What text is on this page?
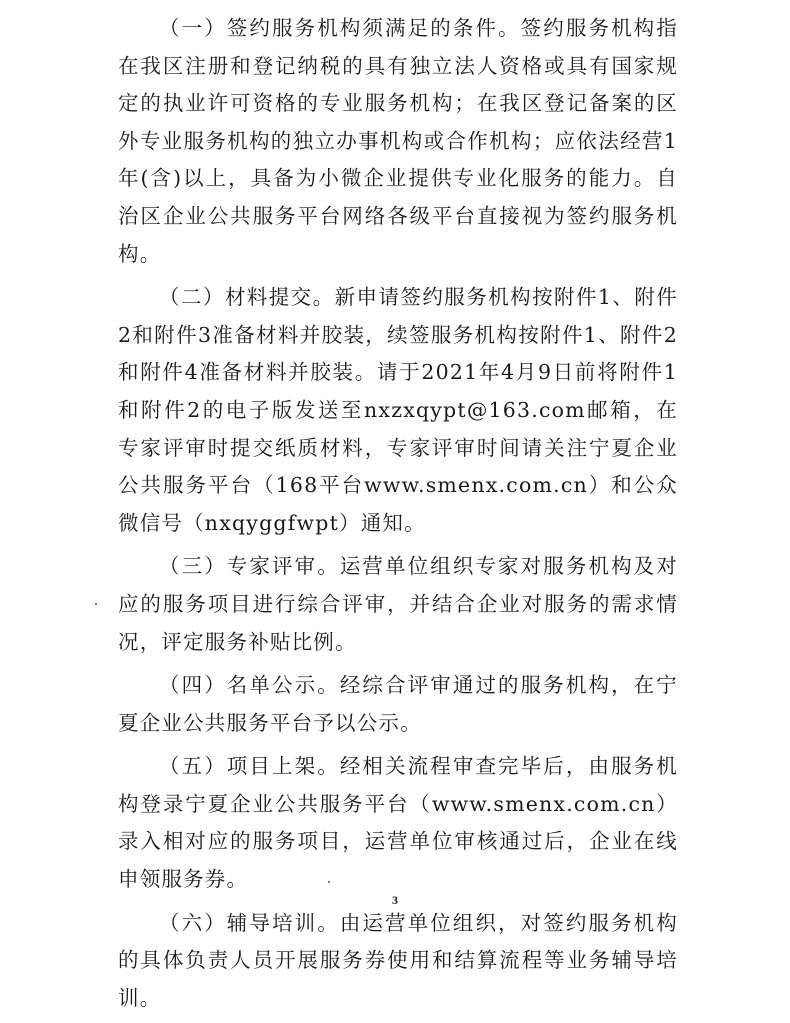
（一）签约服务机构须满足的条件。签约服务机构指在我区注册和登记纳税的具有独立法人资格或具有国家规定的执业许可资格的专业服务机构；在我区登记备案的区外专业服务机构的独立办事机构或合作机构；应依法经营1年(含)以上，具备为小微企业提供专业化服务的能力。自治区企业公共服务平台网络各级平台直接视为签约服务机构。

（二）材料提交。新申请签约服务机构按附件1、附件2和附件3准备材料并胶装，续签服务机构按附件1、附件2和附件4准备材料并胶装。请于2021年4月9日前将附件1和附件2的电子版发送至nxzxqypt@163.com邮箱，在专家评审时提交纸质材料，专家评审时间请关注宁夏企业公共服务平台（168平台www.smenx.com.cn）和公众微信号（nxqyggfwpt）通知。

（三）专家评审。运营单位组织专家对服务机构及对应的服务项目进行综合评审，并结合企业对服务的需求情况，评定服务补贴比例。

（四）名单公示。经综合评审通过的服务机构，在宁夏企业公共服务平台予以公示。

（五）项目上架。经相关流程审查完毕后，由服务机构登录宁夏企业公共服务平台（www.smenx.com.cn）录入相对应的服务项目，运营单位审核通过后，企业在线申领服务券。

（六）辅导培训。由运营单位组织，对签约服务机构的具体负责人员开展服务券使用和结算流程等业务辅导培训。

3
